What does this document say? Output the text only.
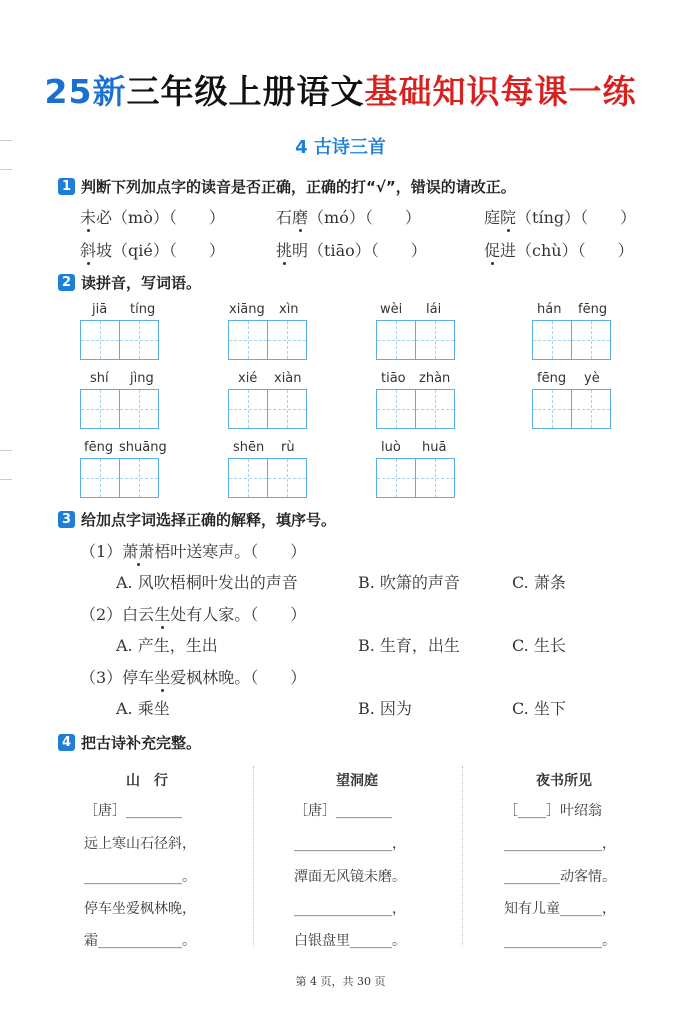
25新三年级上册语文基础知识每课一练
4 古诗三首
1 判断下列加点字的读音是否正确，正确的打“√”，错误的请改正。
未必（mò）（　　）	石磨（mó）（　　）	庭院（tíng）（　　）
斜坡（qié）（　　）	挑明（tiāo）（　　）	促进（chù）（　　）
2 读拼音，写词语。
jiā tíng	xiāng xìn	wèi lái	hán fēng
shí jìng	xié xiàn	tiāo zhàn	fēng yè
fēng shuāng	shēn rù	luò huā
3 给加点字词选择正确的解释，填序号。
（1）萧萧梧叶送寒声。（　　）
A. 风吹梧桐叶发出的声音	B. 吹箫的声音	C. 萧条
（2）白云生处有人家。（　　）
A. 产生，生出	B. 生育，出生	C. 生长
（3）停车坐爱枫林晚。（　　）
A. 乘坐	B. 因为	C. 坐下
4 把古诗补充完整。
山　行
［唐］________
远上寒山石径斜，
______________。
停车坐爱枫林晚，
霜____________。
望洞庭
［唐］________
______________，
潭面无风镜未磨。
______________，
白银盘里______。
夜书所见
［____］叶绍翁
______________，
________动客情。
知有儿童______，
______________。
第 4 页，共 30 页
